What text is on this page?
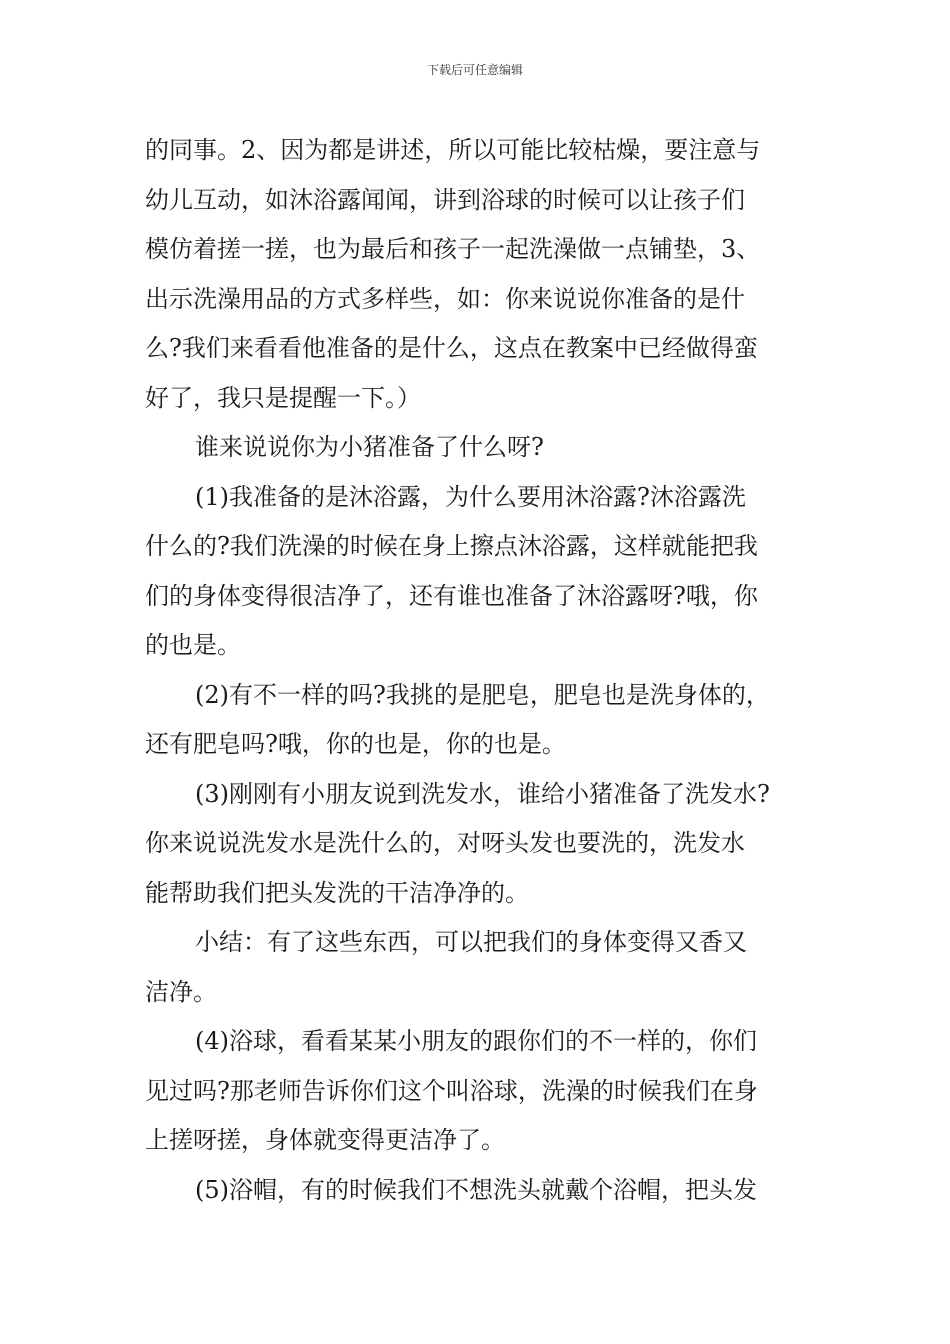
下载后可任意编辑

的同事。2、因为都是讲述，所以可能比较枯燥，要注意与
幼儿互动，如沐浴露闻闻，讲到浴球的时候可以让孩子们
模仿着搓一搓，也为最后和孩子一起洗澡做一点铺垫，3、
出示洗澡用品的方式多样些，如：你来说说你准备的是什
么?我们来看看他准备的是什么，这点在教案中已经做得蛮
好了，我只是提醒一下。）

谁来说说你为小猪准备了什么呀?

(1)我准备的是沐浴露，为什么要用沐浴露?沐浴露洗
什么的?我们洗澡的时候在身上擦点沐浴露，这样就能把我
们的身体变得很洁净了，还有谁也准备了沐浴露呀?哦，你
的也是。

(2)有不一样的吗?我挑的是肥皂，肥皂也是洗身体的，
还有肥皂吗?哦，你的也是，你的也是。

(3)刚刚有小朋友说到洗发水，谁给小猪准备了洗发水?
你来说说洗发水是洗什么的，对呀头发也要洗的，洗发水
能帮助我们把头发洗的干洁净净的。

小结：有了这些东西，可以把我们的身体变得又香又
洁净。

(4)浴球，看看某某小朋友的跟你们的不一样的，你们
见过吗?那老师告诉你们这个叫浴球，洗澡的时候我们在身
上搓呀搓，身体就变得更洁净了。

(5)浴帽，有的时候我们不想洗头就戴个浴帽，把头发
